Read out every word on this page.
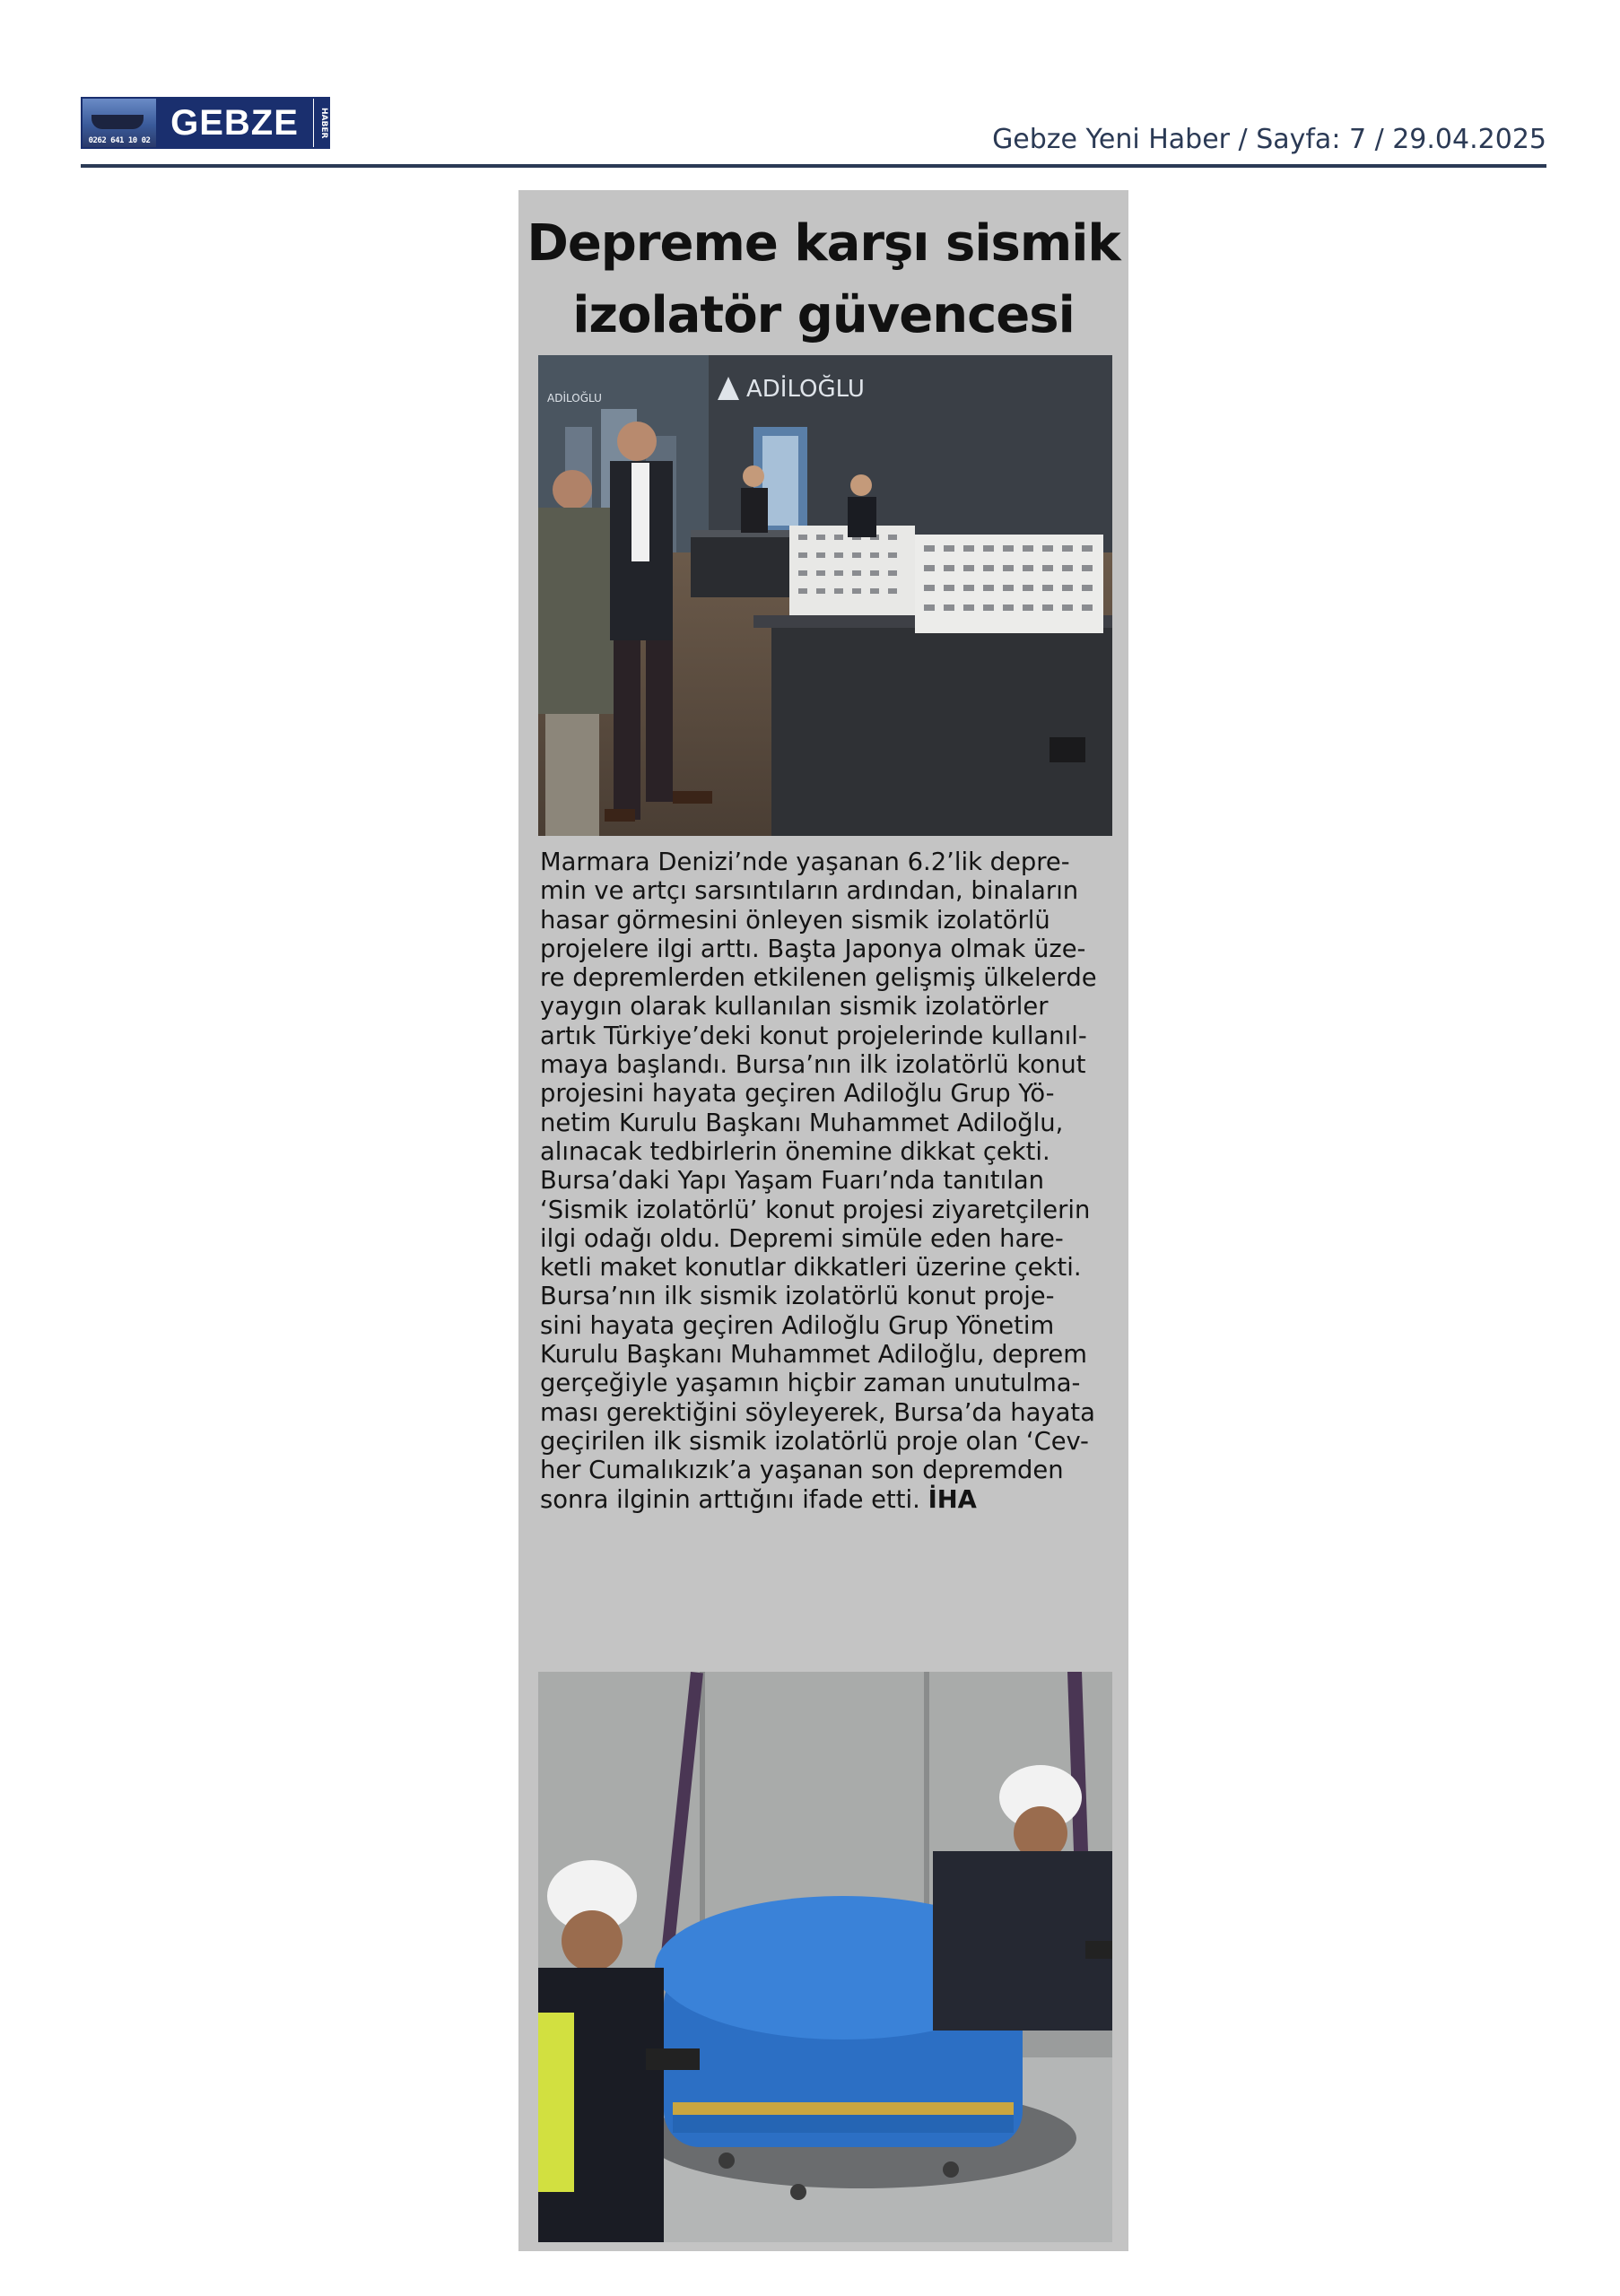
0262 641 10 02 GEBZE	HABER
Gebze Yeni Haber / Sayfa: 7 / 29.04.2025
Depreme karşı sismik
izolatör güvencesi
ADİLOĞLU
ADİLOĞLU
Marmara Denizi’nde yaşanan 6.2’lik depre-
min ve artçı sarsıntıların ardından, binaların
hasar görmesini önleyen sismik izolatörlü
projelere ilgi arttı. Başta Japonya olmak üze-
re depremlerden etkilenen gelişmiş ülkelerde
yaygın olarak kullanılan sismik izolatörler
artık Türkiye’deki konut projelerinde kullanıl-
maya başlandı. Bursa’nın ilk izolatörlü konut
projesini hayata geçiren Adiloğlu Grup Yö-
netim Kurulu Başkanı Muhammet Adiloğlu,
alınacak tedbirlerin önemine dikkat çekti.
Bursa’daki Yapı Yaşam Fuarı’nda tanıtılan
‘Sismik izolatörlü’ konut projesi ziyaretçilerin
ilgi odağı oldu. Depremi simüle eden hare-
ketli maket konutlar dikkatleri üzerine çekti.
Bursa’nın ilk sismik izolatörlü konut proje-
sini hayata geçiren Adiloğlu Grup Yönetim
Kurulu Başkanı Muhammet Adiloğlu, deprem
gerçeğiyle yaşamın hiçbir zaman unutulma-
ması gerektiğini söyleyerek, Bursa’da hayata
geçirilen ilk sismik izolatörlü proje olan ‘Cev-
her Cumalıkızık’a yaşanan son depremden
sonra ilginin arttığını ifade etti. İHA
